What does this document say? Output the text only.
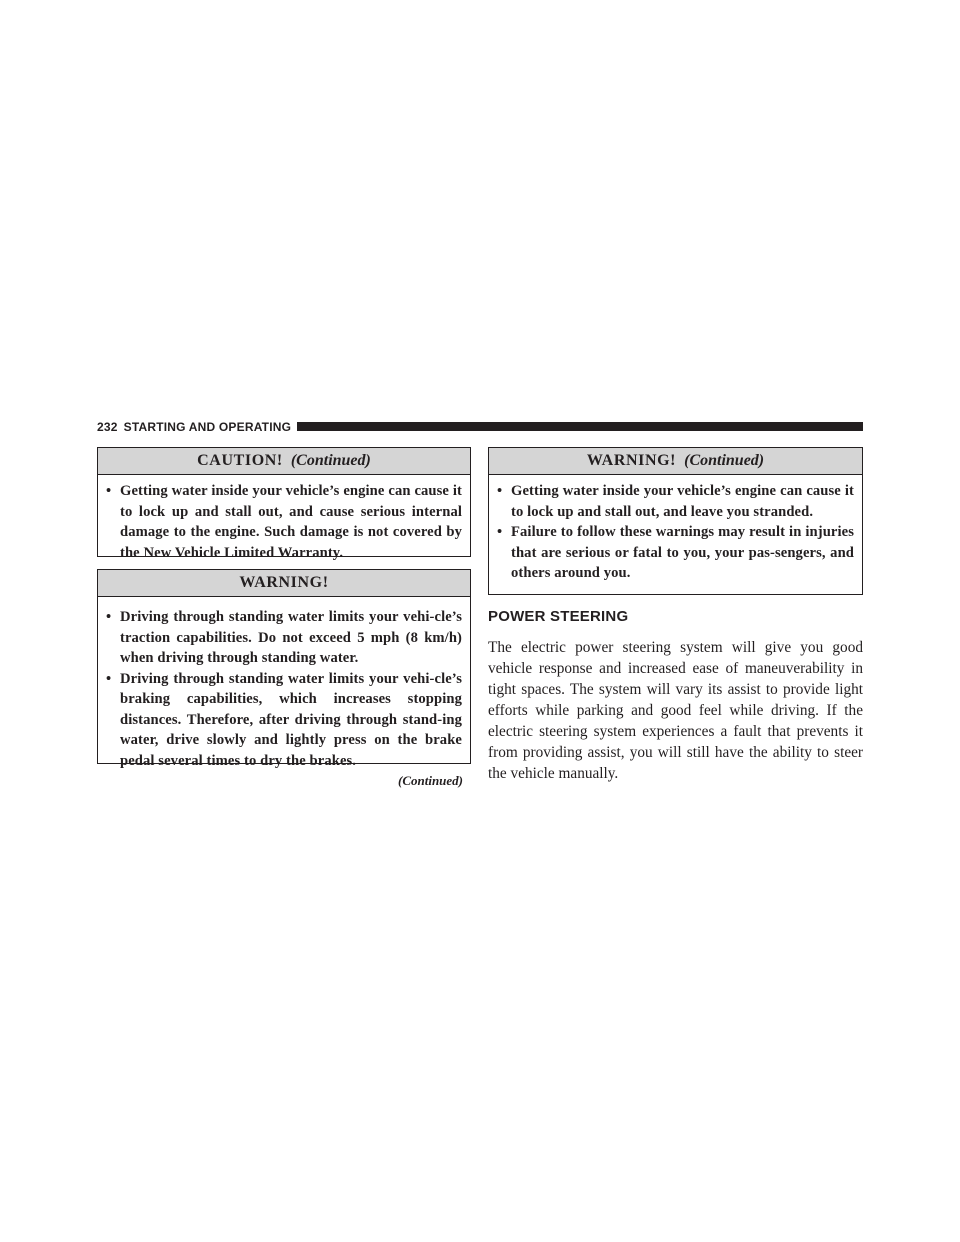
232 STARTING AND OPERATING
CAUTION! (Continued)
• Getting water inside your vehicle’s engine can cause it to lock up and stall out, and cause serious internal damage to the engine. Such damage is not covered by the New Vehicle Limited Warranty.
WARNING!
• Driving through standing water limits your vehi-cle’s traction capabilities. Do not exceed 5 mph (8 km/h) when driving through standing water.
• Driving through standing water limits your vehi-cle’s braking capabilities, which increases stopping distances. Therefore, after driving through stand-ing water, drive slowly and lightly press on the brake pedal several times to dry the brakes.
(Continued)
WARNING! (Continued)
• Getting water inside your vehicle’s engine can cause it to lock up and stall out, and leave you stranded.
• Failure to follow these warnings may result in injuries that are serious or fatal to you, your pas-sengers, and others around you.
POWER STEERING
The electric power steering system will give you good vehicle response and increased ease of maneuverability in tight spaces. The system will vary its assist to provide light efforts while parking and good feel while driving. If the electric steering system experiences a fault that prevents it from providing assist, you will still have the ability to steer the vehicle manually.
